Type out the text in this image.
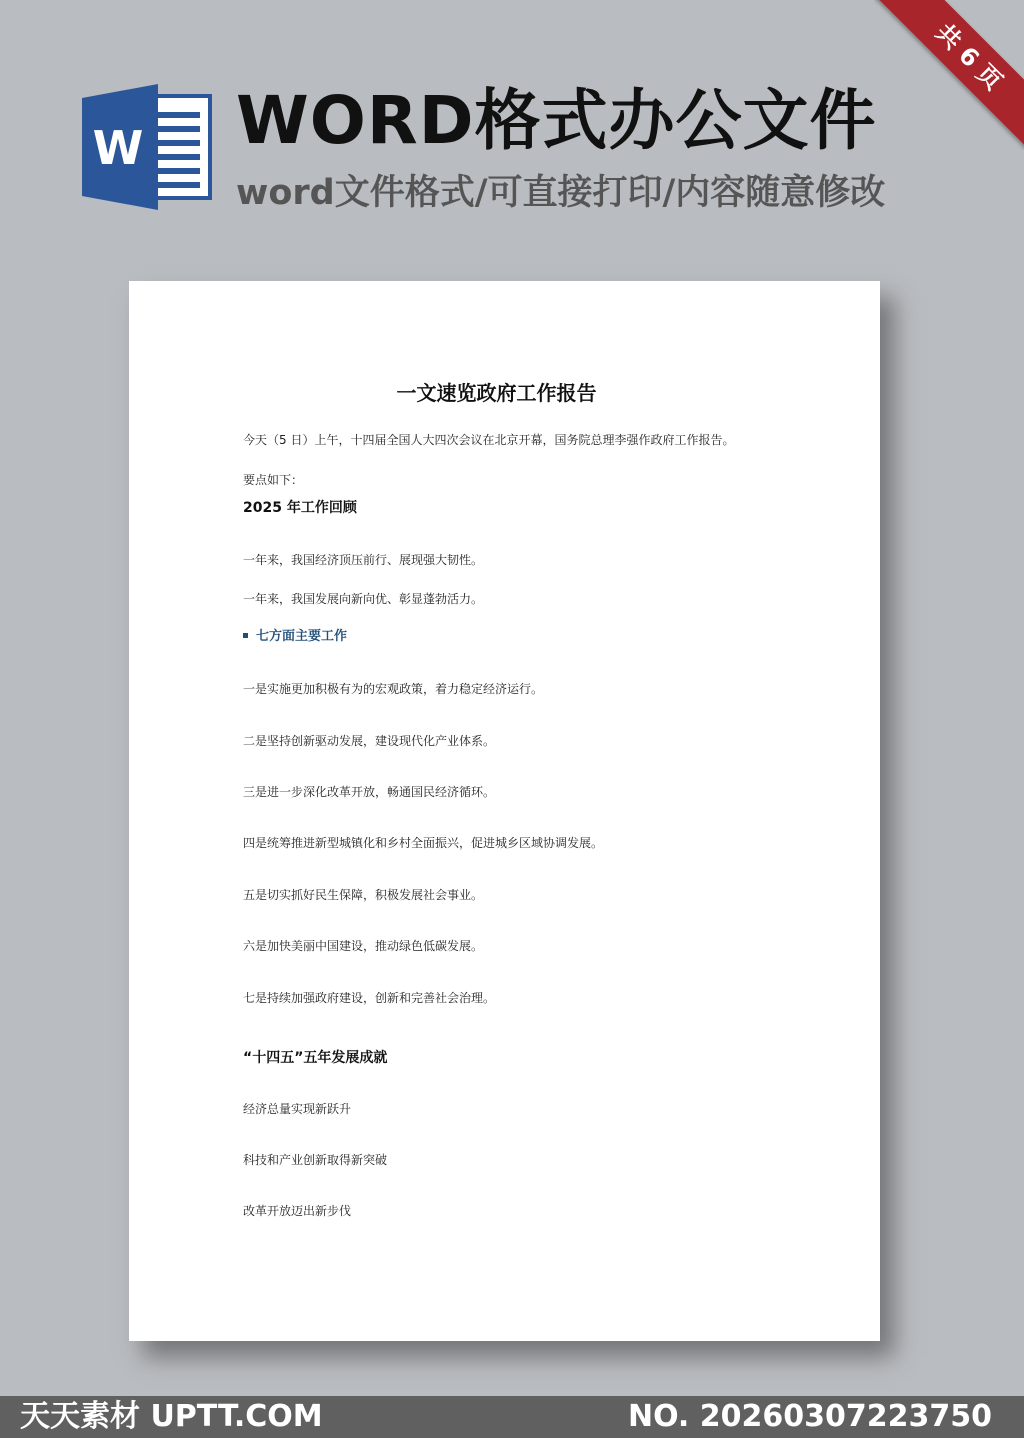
W WORD格式办公文件

word文件格式/可直接打印/内容随意修改

共 6 页
一文速览政府工作报告

今天（5 日）上午，十四届全国人大四次会议在北京开幕，国务院总理李强作政府工作报告。

要点如下：

2025 年工作回顾

一年来，我国经济顶压前行、展现强大韧性。

一年来，我国发展向新向优、彰显蓬勃活力。

七方面主要工作

一是实施更加积极有为的宏观政策，着力稳定经济运行。

二是坚持创新驱动发展，建设现代化产业体系。

三是进一步深化改革开放，畅通国民经济循环。

四是统筹推进新型城镇化和乡村全面振兴，促进城乡区域协调发展。

五是切实抓好民生保障，积极发展社会事业。

六是加快美丽中国建设，推动绿色低碳发展。

七是持续加强政府建设，创新和完善社会治理。

“十四五”五年发展成就

经济总量实现新跃升

科技和产业创新取得新突破

改革开放迈出新步伐

天天素材 UPTT.COM	NO. 20260307223750
